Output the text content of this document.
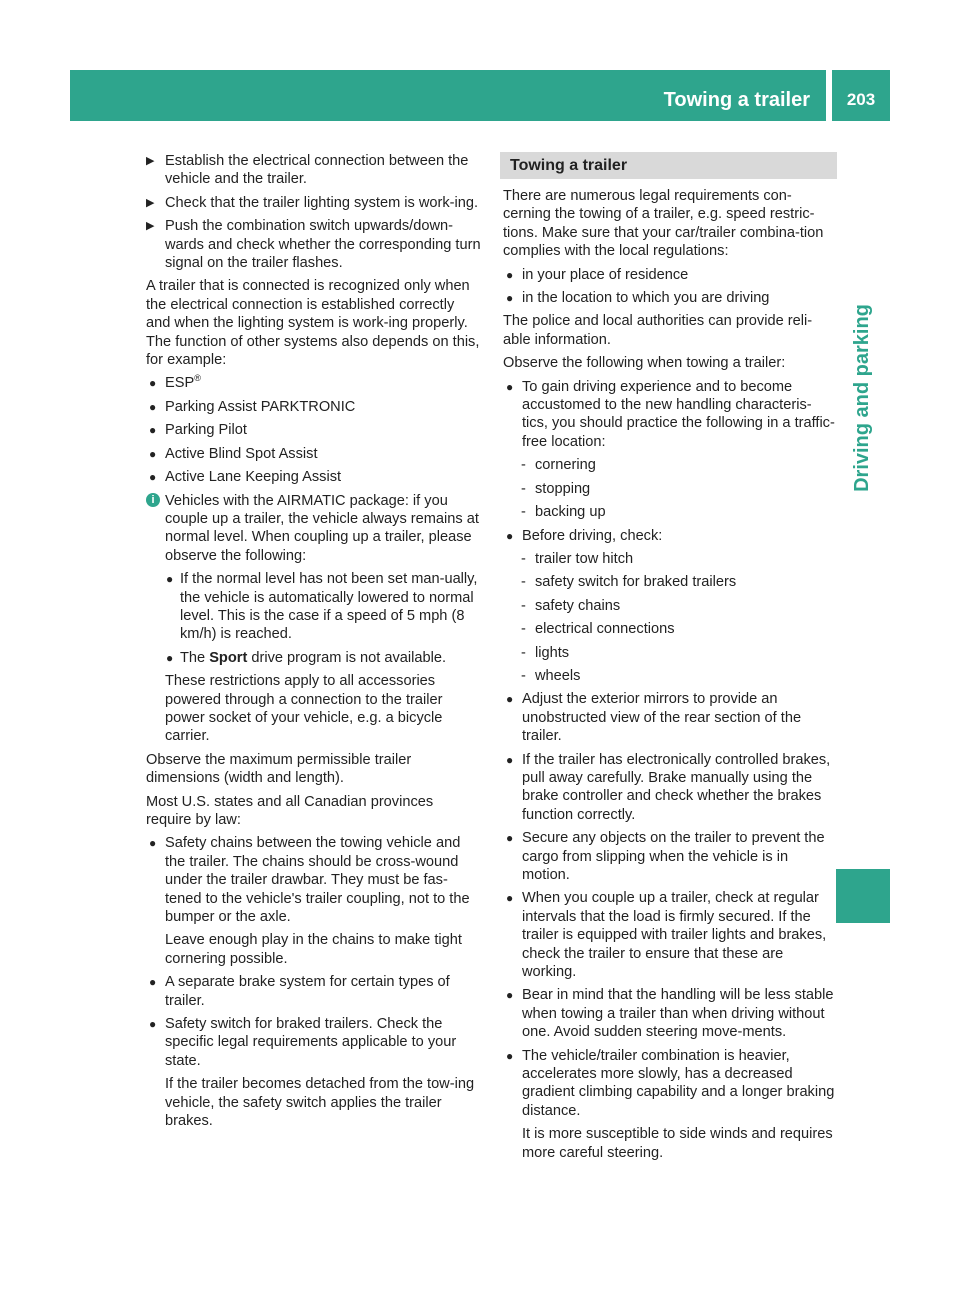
Towing a trailer	203
Driving and parking
▶ Establish the electrical connection between the vehicle and the trailer.
▶ Check that the trailer lighting system is work-ing.
▶ Push the combination switch upwards/down-wards and check whether the corresponding turn signal on the trailer flashes.

A trailer that is connected is recognized only when the electrical connection is established correctly and when the lighting system is work-ing properly. The function of other systems also depends on this, for example:

● ESP®
● Parking Assist PARKTRONIC
● Parking Pilot
● Active Blind Spot Assist
● Active Lane Keeping Assist
i Vehicles with the AIRMATIC package: if you couple up a trailer, the vehicle always remains at normal level. When coupling up a trailer, please observe the following:

● If the normal level has not been set man-ually, the vehicle is automatically lowered to normal level. This is the case if a speed of 5 mph (8 km/h) is reached.
● The Sport drive program is not available.

These restrictions apply to all accessories powered through a connection to the trailer power socket of your vehicle, e.g. a bicycle carrier.

Observe the maximum permissible trailer dimensions (width and length).

Most U.S. states and all Canadian provinces require by law:

● Safety chains between the towing vehicle and the trailer. The chains should be cross-wound under the trailer drawbar. They must be fas-tened to the vehicle's trailer coupling, not to the bumper or the axle.
Leave enough play in the chains to make tight cornering possible.
● A separate brake system for certain types of trailer.
● Safety switch for braked trailers. Check the specific legal requirements applicable to your state.
If the trailer becomes detached from the tow-ing vehicle, the safety switch applies the trailer brakes.
Towing a trailer

There are numerous legal requirements con-cerning the towing of a trailer, e.g. speed restric-tions. Make sure that your car/trailer combina-tion complies with the local regulations:

● in your place of residence
● in the location to which you are driving

The police and local authorities can provide reli-able information.

Observe the following when towing a trailer:

● To gain driving experience and to become accustomed to the new handling characteris-tics, you should practice the following in a traffic-free location:
- cornering
- stopping
- backing up
● Before driving, check:
- trailer tow hitch
- safety switch for braked trailers
- safety chains
- electrical connections
- lights
- wheels
● Adjust the exterior mirrors to provide an unobstructed view of the rear section of the trailer.
● If the trailer has electronically controlled brakes, pull away carefully. Brake manually using the brake controller and check whether the brakes function correctly.
● Secure any objects on the trailer to prevent the cargo from slipping when the vehicle is in motion.
● When you couple up a trailer, check at regular intervals that the load is firmly secured. If the trailer is equipped with trailer lights and brakes, check the trailer to ensure that these are working.
● Bear in mind that the handling will be less stable when towing a trailer than when driving without one. Avoid sudden steering move-ments.
● The vehicle/trailer combination is heavier, accelerates more slowly, has a decreased gradient climbing capability and a longer braking distance.
It is more susceptible to side winds and requires more careful steering.
